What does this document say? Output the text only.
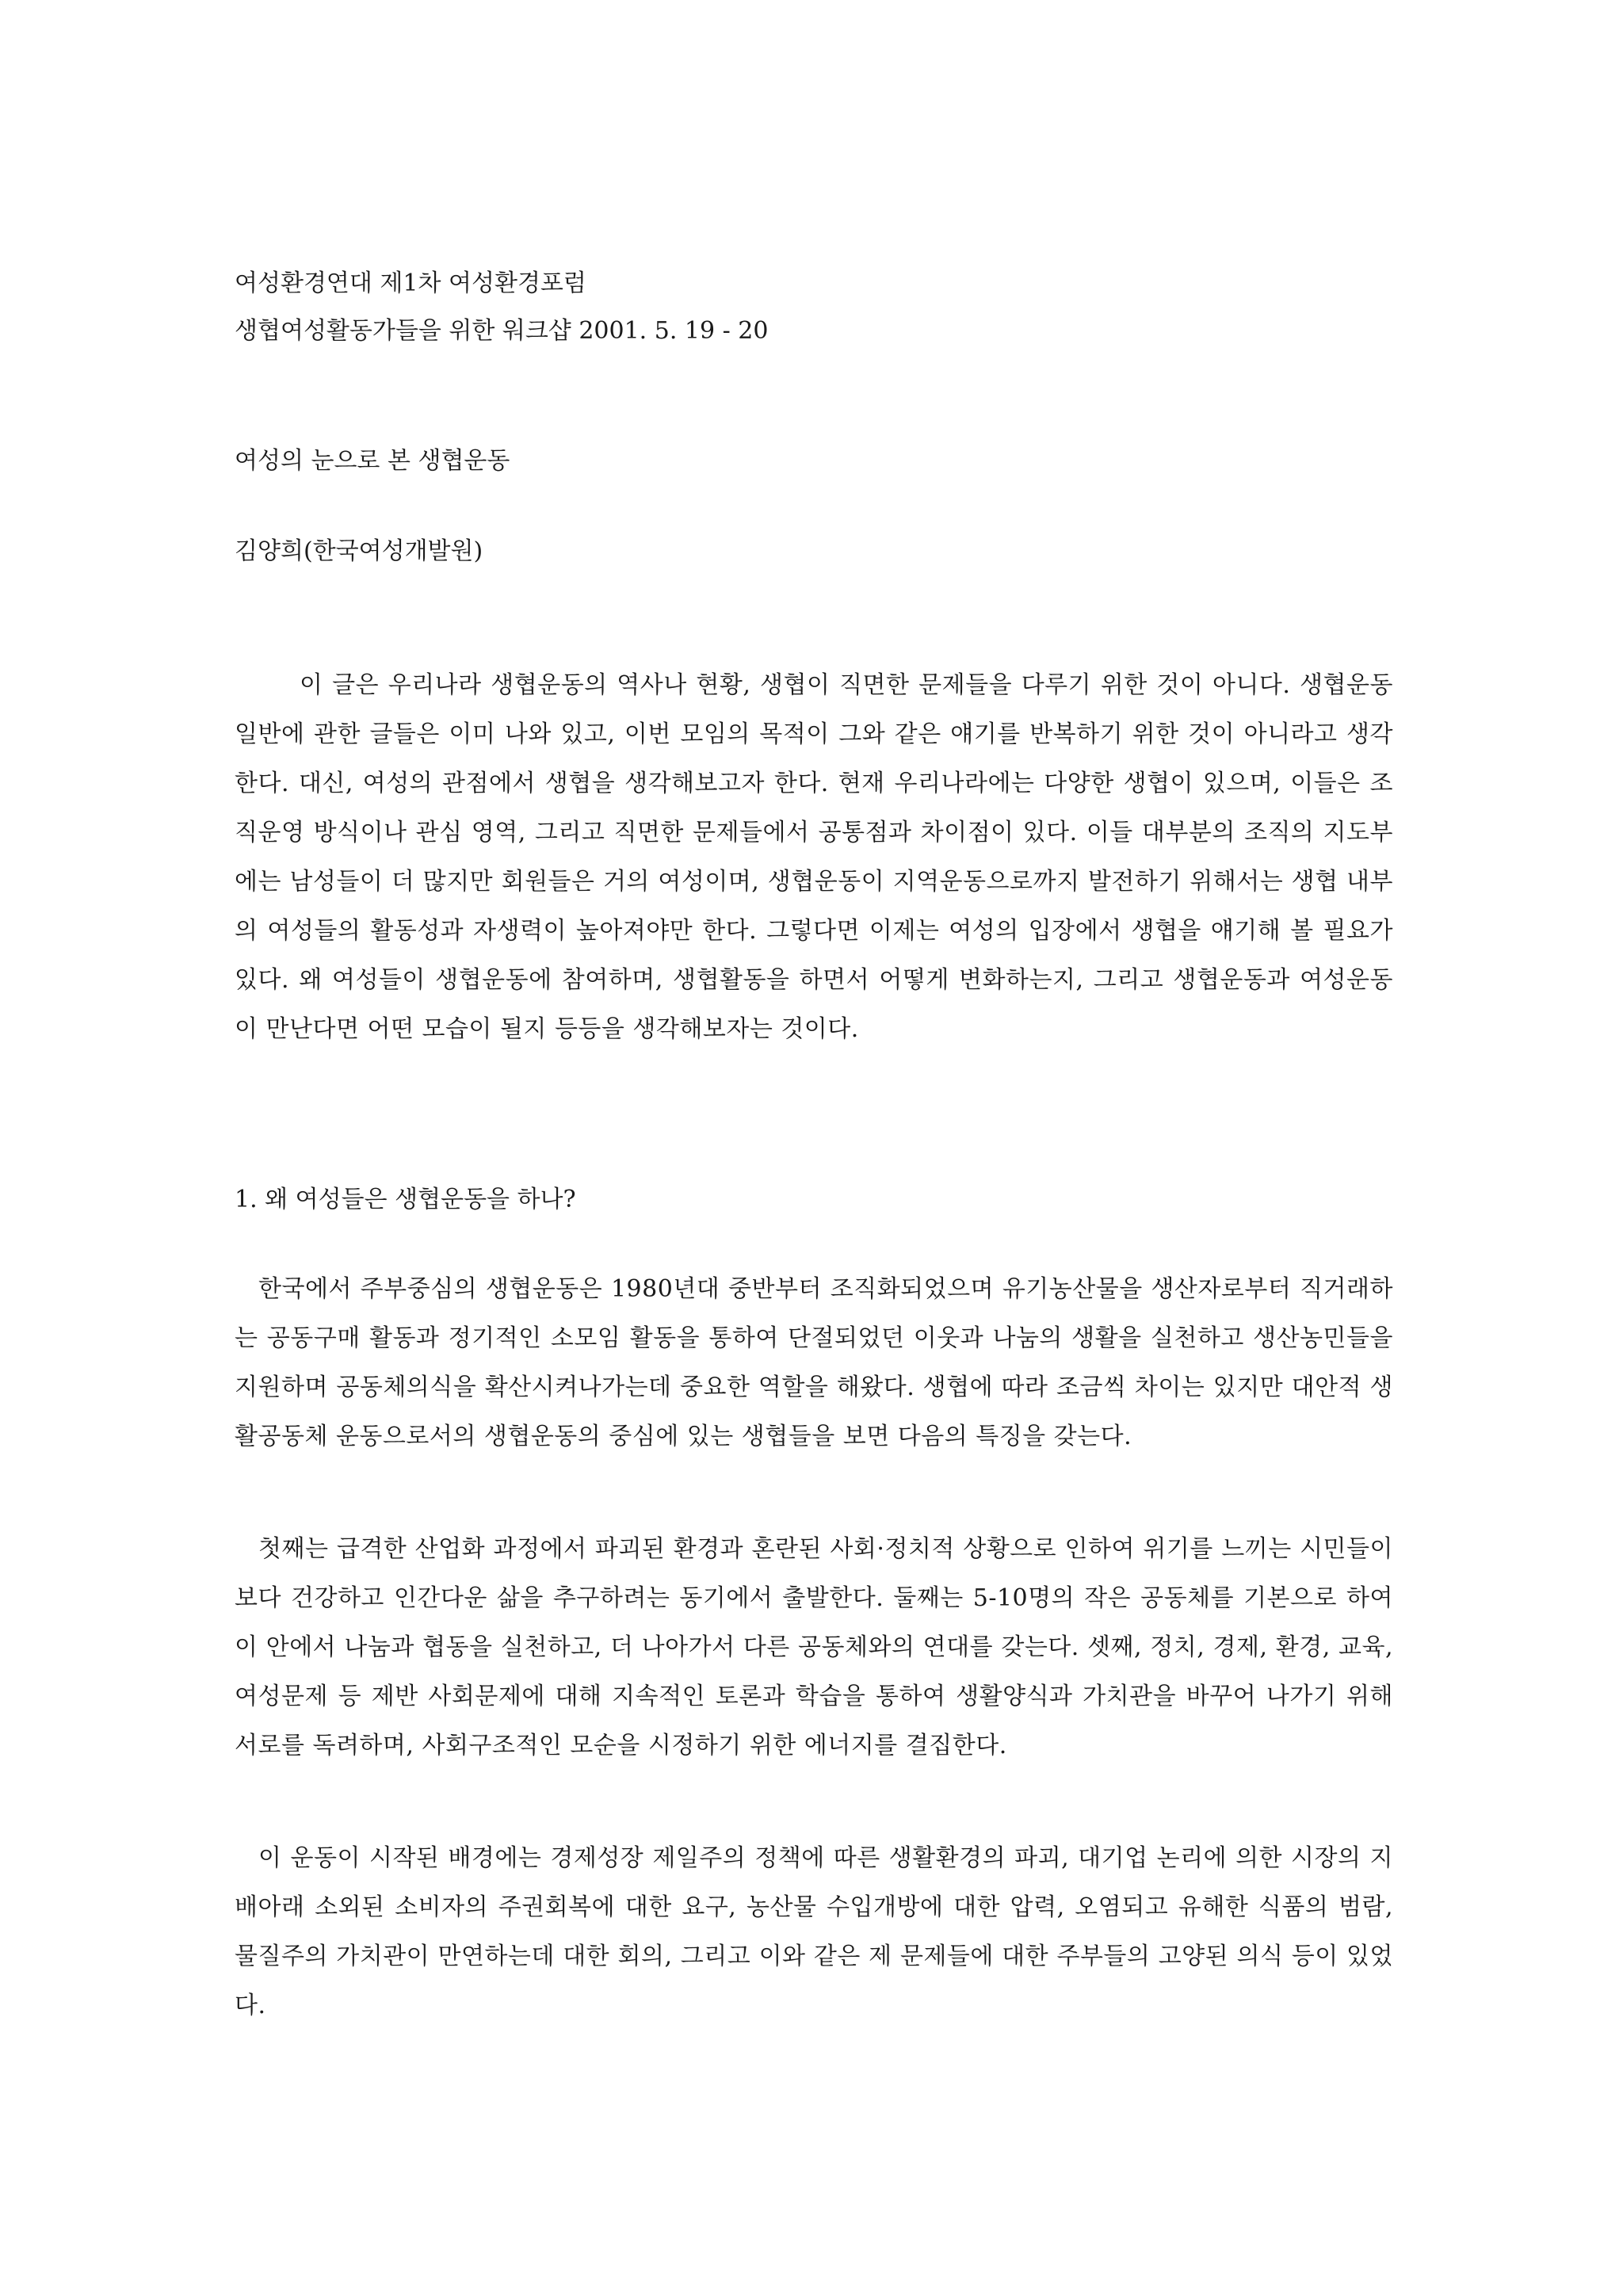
여성환경연대 제1차 여성환경포럼
생협여성활동가들을 위한 워크샵 2001. 5. 19 - 20
여성의 눈으로 본 생협운동
김양희(한국여성개발원)
이 글은 우리나라 생협운동의 역사나 현황, 생협이 직면한 문제들을 다루기 위한 것이 아니다. 생협운동 일반에 관한 글들은 이미 나와 있고, 이번 모임의 목적이 그와 같은 얘기를 반복하기 위한 것이 아니라고 생각한다. 대신, 여성의 관점에서 생협을 생각해보고자 한다. 현재 우리나라에는 다양한 생협이 있으며, 이들은 조직운영 방식이나 관심 영역, 그리고 직면한 문제들에서 공통점과 차이점이 있다. 이들 대부분의 조직의 지도부에는 남성들이 더 많지만 회원들은 거의 여성이며, 생협운동이 지역운동으로까지 발전하기 위해서는 생협 내부의 여성들의 활동성과 자생력이 높아져야만 한다. 그렇다면 이제는 여성의 입장에서 생협을 얘기해 볼 필요가 있다. 왜 여성들이 생협운동에 참여하며, 생협활동을 하면서 어떻게 변화하는지, 그리고 생협운동과 여성운동이 만난다면 어떤 모습이 될지 등등을 생각해보자는 것이다.
1. 왜 여성들은 생협운동을 하나?
한국에서 주부중심의 생협운동은 1980년대 중반부터 조직화되었으며 유기농산물을 생산자로부터 직거래하는 공동구매 활동과 정기적인 소모임 활동을 통하여 단절되었던 이웃과 나눔의 생활을 실천하고 생산농민들을 지원하며 공동체의식을 확산시켜나가는데 중요한 역할을 해왔다. 생협에 따라 조금씩 차이는 있지만 대안적 생활공동체 운동으로서의 생협운동의 중심에 있는 생협들을 보면 다음의 특징을 갖는다.
첫째는 급격한 산업화 과정에서 파괴된 환경과 혼란된 사회·정치적 상황으로 인하여 위기를 느끼는 시민들이 보다 건강하고 인간다운 삶을 추구하려는 동기에서 출발한다. 둘째는 5-10명의 작은 공동체를 기본으로 하여 이 안에서 나눔과 협동을 실천하고, 더 나아가서 다른 공동체와의 연대를 갖는다. 셋째, 정치, 경제, 환경, 교육, 여성문제 등 제반 사회문제에 대해 지속적인 토론과 학습을 통하여 생활양식과 가치관을 바꾸어 나가기 위해 서로를 독려하며, 사회구조적인 모순을 시정하기 위한 에너지를 결집한다.
이 운동이 시작된 배경에는 경제성장 제일주의 정책에 따른 생활환경의 파괴, 대기업 논리에 의한 시장의 지배아래 소외된 소비자의 주권회복에 대한 요구, 농산물 수입개방에 대한 압력, 오염되고 유해한 식품의 범람, 물질주의 가치관이 만연하는데 대한 회의, 그리고 이와 같은 제 문제들에 대한 주부들의 고양된 의식 등이 있었다.
